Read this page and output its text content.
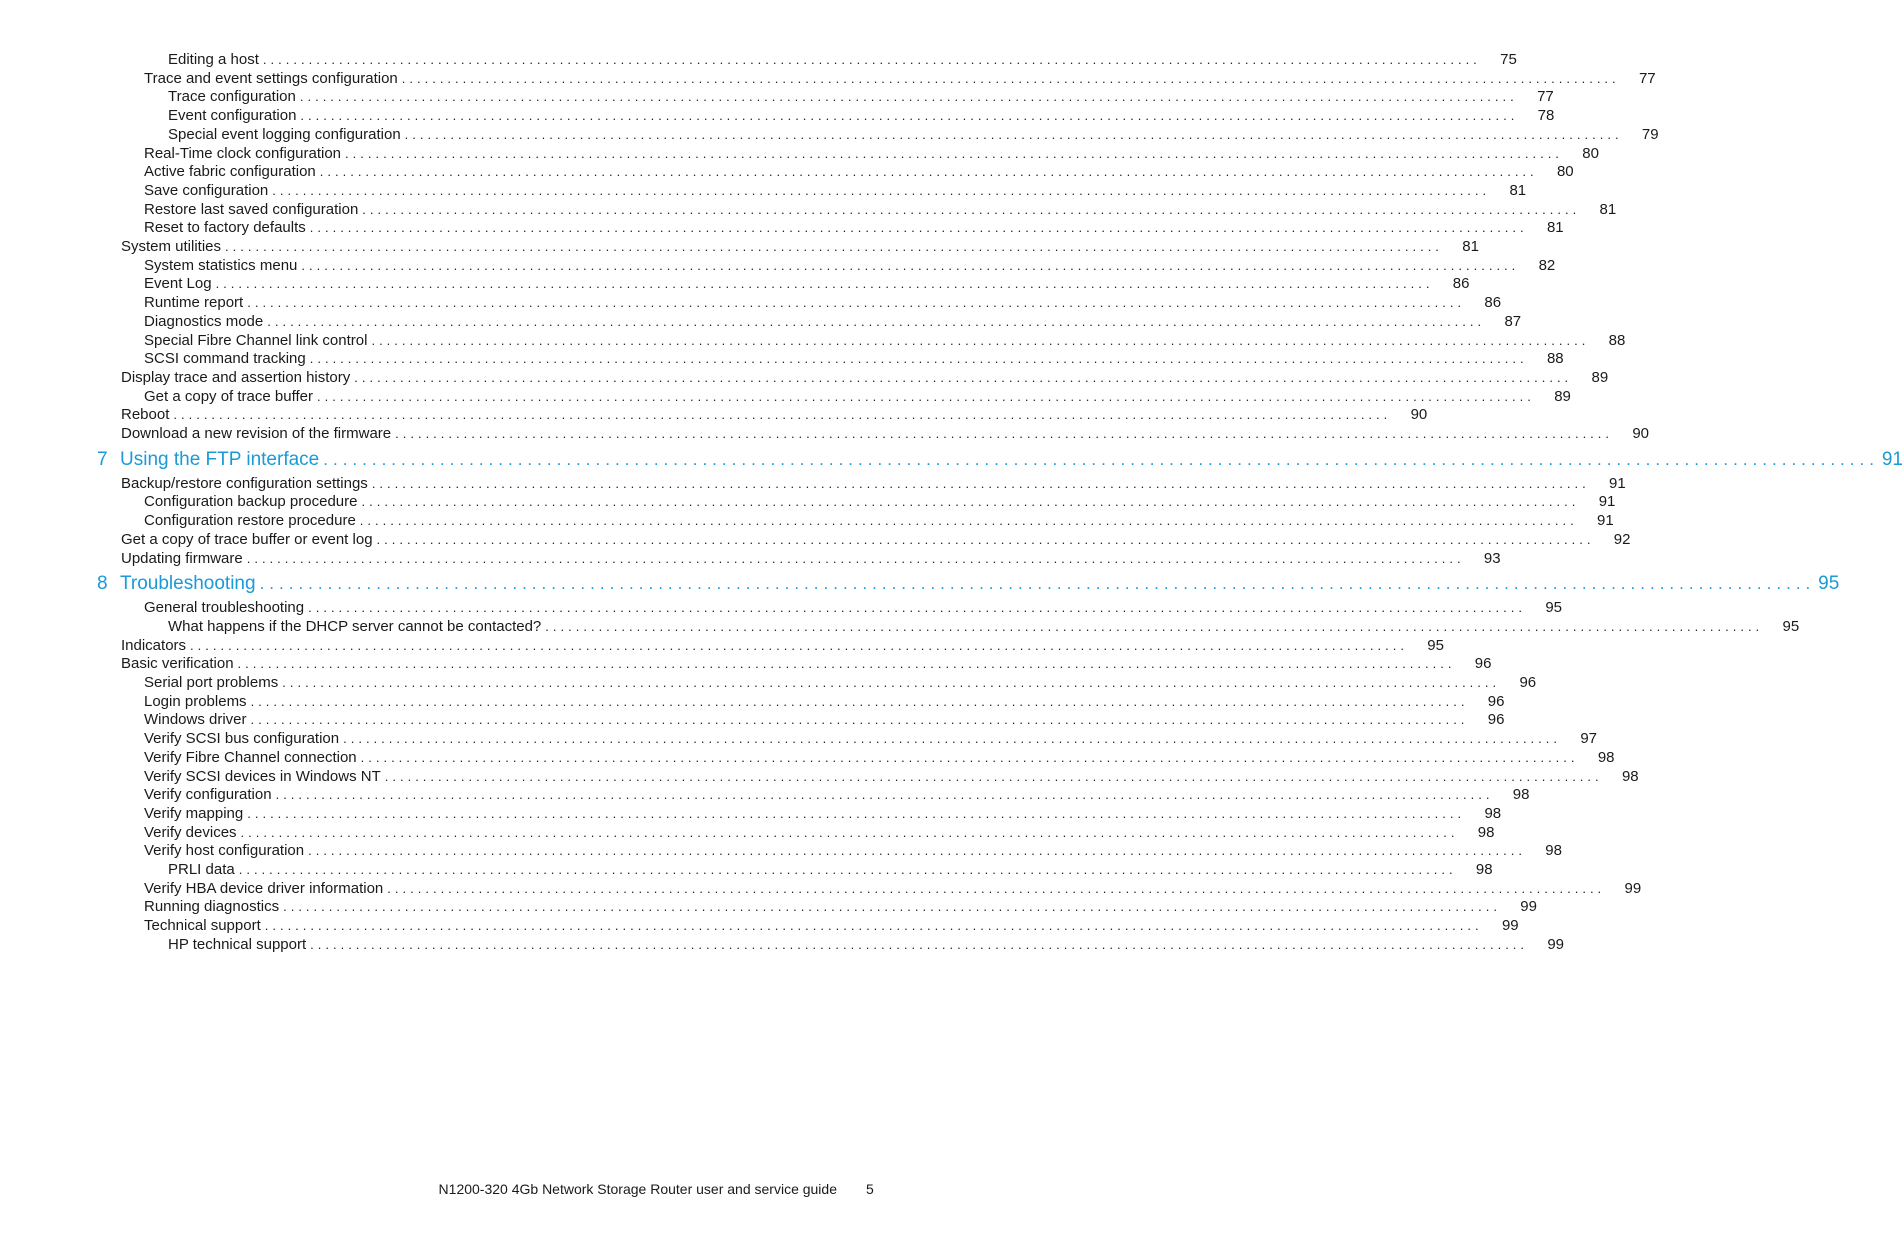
Editing a host ................................................................................................................................................................	75
Trace and event settings configuration ................................................................................................................................................................	77
Trace configuration ................................................................................................................................................................	77
Event configuration ................................................................................................................................................................	78
Special event logging configuration ................................................................................................................................................................	79
Real-Time clock configuration ................................................................................................................................................................	80
Active fabric configuration ................................................................................................................................................................	80
Save configuration ................................................................................................................................................................	81
Restore last saved configuration ................................................................................................................................................................	81
Reset to factory defaults ................................................................................................................................................................	81
System utilities ................................................................................................................................................................	81
System statistics menu ................................................................................................................................................................	82
Event Log ................................................................................................................................................................	86
Runtime report ................................................................................................................................................................	86
Diagnostics mode ................................................................................................................................................................	87
Special Fibre Channel link control ................................................................................................................................................................	88
SCSI command tracking ................................................................................................................................................................	88
Display trace and assertion history ................................................................................................................................................................	89
Get a copy of trace buffer ................................................................................................................................................................	89
Reboot ................................................................................................................................................................	90
Download a new revision of the firmware ................................................................................................................................................................	90
7 Using the FTP interface ................................................................................................................................................................ 91
Backup/restore configuration settings ................................................................................................................................................................	91
Configuration backup procedure ................................................................................................................................................................	91
Configuration restore procedure ................................................................................................................................................................	91
Get a copy of trace buffer or event log ................................................................................................................................................................	92
Updating firmware ................................................................................................................................................................	93
8 Troubleshooting ................................................................................................................................................................ 95
General troubleshooting ................................................................................................................................................................	95
What happens if the DHCP server cannot be contacted? ................................................................................................................................................................	95
Indicators ................................................................................................................................................................	95
Basic verification ................................................................................................................................................................	96
Serial port problems ................................................................................................................................................................	96
Login problems ................................................................................................................................................................	96
Windows driver ................................................................................................................................................................	96
Verify SCSI bus configuration ................................................................................................................................................................	97
Verify Fibre Channel connection ................................................................................................................................................................	98
Verify SCSI devices in Windows NT ................................................................................................................................................................	98
Verify configuration ................................................................................................................................................................	98
Verify mapping ................................................................................................................................................................	98
Verify devices ................................................................................................................................................................	98
Verify host configuration ................................................................................................................................................................	98
PRLI data ................................................................................................................................................................	98
Verify HBA device driver information ................................................................................................................................................................	99
Running diagnostics ................................................................................................................................................................	99
Technical support ................................................................................................................................................................	99
HP technical support ................................................................................................................................................................	99
N1200-320 4Gb Network Storage Router user and service guide 5
